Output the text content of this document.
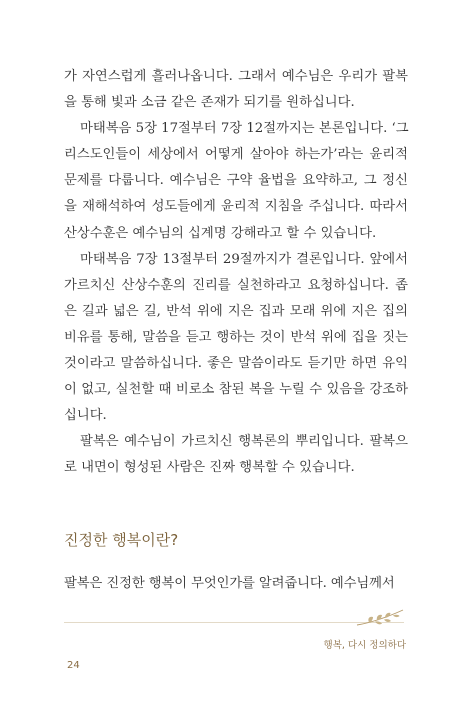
가 자연스럽게 흘러나옵니다. 그래서 예수님은 우리가 팔복
을 통해 빛과 소금 같은 존재가 되기를 원하십니다.

마태복음 5장 17절부터 7장 12절까지는 본론입니다. ‘그
리스도인들이 세상에서 어떻게 살아야 하는가’라는 윤리적
문제를 다룹니다. 예수님은 구약 율법을 요약하고, 그 정신
을 재해석하여 성도들에게 윤리적 지침을 주십니다. 따라서
산상수훈은 예수님의 십계명 강해라고 할 수 있습니다.

마태복음 7장 13절부터 29절까지가 결론입니다. 앞에서
가르치신 산상수훈의 진리를 실천하라고 요청하십니다. 좁
은 길과 넓은 길, 반석 위에 지은 집과 모래 위에 지은 집의
비유를 통해, 말씀을 듣고 행하는 것이 반석 위에 집을 짓는
것이라고 말씀하십니다. 좋은 말씀이라도 듣기만 하면 유익
이 없고, 실천할 때 비로소 참된 복을 누릴 수 있음을 강조하
십니다.

팔복은 예수님이 가르치신 행복론의 뿌리입니다. 팔복으
로 내면이 형성된 사람은 진짜 행복할 수 있습니다.

진정한 행복이란?
팔복은 진정한 행복이 무엇인가를 알려줍니다. 예수님께서
행복, 다시 정의하다
24
